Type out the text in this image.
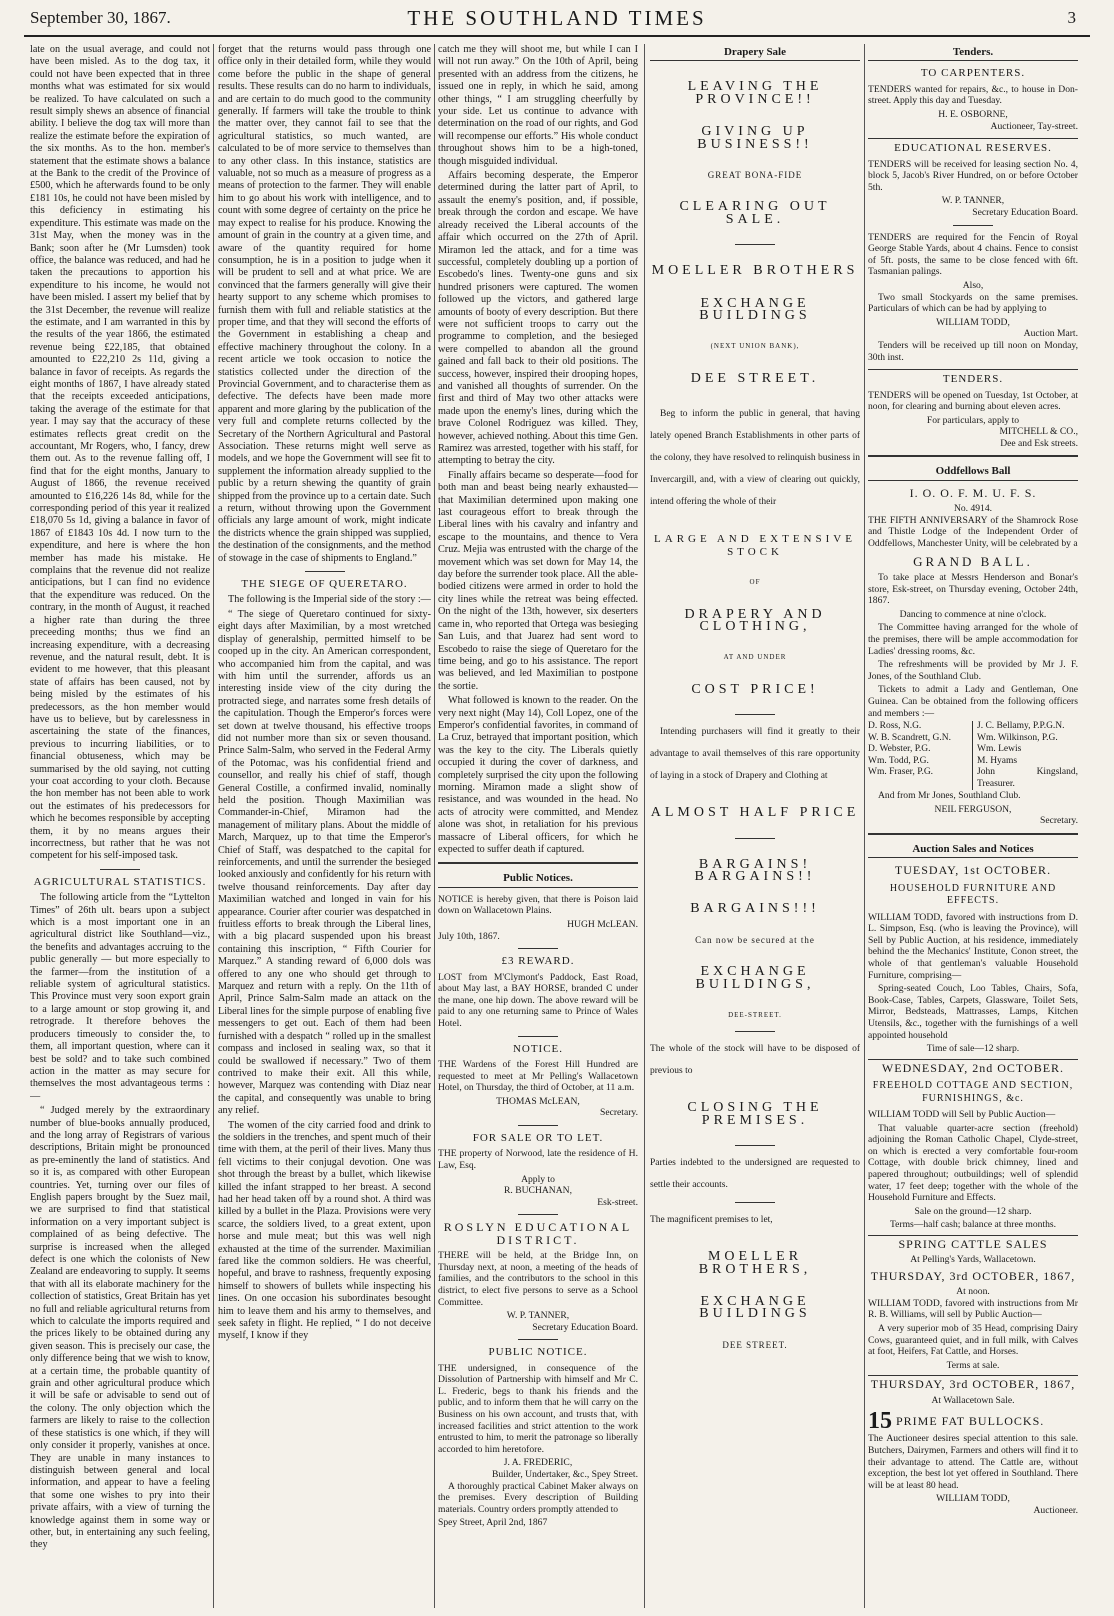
September 30, 1867.	THE SOUTHLAND TIMES	3

late on the usual average, and could not have been misled. As to the dog tax, it could not have been expected that in three months what was estimated for six would be realized. To have calculated on such a result simply shews an absence of financial ability. I believe the dog tax will more than realize the estimate before the expiration of the six months. As to the hon. member's statement that the estimate shows a balance at the Bank to the credit of the Province of £500, which he afterwards found to be only £181 10s, he could not have been misled by this deficiency in estimating his expenditure. This estimate was made on the 31st May, when the money was in the Bank; soon after he (Mr Lumsden) took office, the balance was reduced, and had he taken the precautions to apportion his expenditure to his income, he would not have been misled. I assert my belief that by the 31st December, the revenue will realize the estimate, and I am warranted in this by the results of the year 1866, the estimated revenue being £22,185, that obtained amounted to £22,210 2s 11d, giving a balance in favor of receipts. As regards the eight months of 1867, I have already stated that the receipts exceeded anticipations, taking the average of the estimate for that year. I may say that the accuracy of these estimates reflects great credit on the accountant, Mr Rogers, who, I fancy, drew them out. As to the revenue falling off, I find that for the eight months, January to August of 1866, the revenue received amounted to £16,226 14s 8d, while for the corresponding period of this year it realized £18,070 5s 1d, giving a balance in favor of 1867 of £1843 10s 4d. I now turn to the expenditure, and here is where the hon member has made his mistake. He complains that the revenue did not realize anticipations, but I can find no evidence that the expenditure was reduced. On the contrary, in the month of August, it reached a higher rate than during the three preceeding months; thus we find an increasing expenditure, with a decreasing revenue, and the natural result, debt. It is evident to me however, that this pleasant state of affairs has been caused, not by being misled by the estimates of his predecessors, as the hon member would have us to believe, but by carelessness in ascertaining the state of the finances, previous to incurring liabilities, or to financial obtuseness, which may be summarised by the old saying, not cutting your coat according to your cloth. Because the hon member has not been able to work out the estimates of his predecessors for which he becomes responsible by accepting them, it by no means argues their incorrectness, but rather that he was not competent for his self-imposed task.

AGRICULTURAL STATISTICS.

The following article from the “Lyttelton Times” of 26th ult. bears upon a subject which is a most important one in an agricultural district like Southland—viz., the benefits and advantages accruing to the public generally — but more especially to the farmer—from the institution of a reliable system of agricultural statistics. This Province must very soon export grain to a large amount or stop growing it, and retrograde. It therefore behoves the producers timeously to consider the, to them, all important question, where can it best be sold? and to take such combined action in the matter as may secure for themselves the most advantageous terms :—

“ Judged merely by the extraordinary number of blue-books annually produced, and the long array of Registrars of various descriptions, Britain might be pronounced as pre-eminently the land of statistics. And so it is, as compared with other European countries. Yet, turning over our files of English papers brought by the Suez mail, we are surprised to find that statistical information on a very important subject is complained of as being defective. The surprise is increased when the alleged defect is one which the colonists of New Zealand are endeavoring to supply. It seems that with all its elaborate machinery for the collection of statistics, Great Britain has yet no full and reliable agricultural returns from which to calculate the imports required and the prices likely to be obtained during any given season. This is precisely our case, the only difference being that we wish to know, at a certain time, the probable quantity of grain and other agricultural produce which it will be safe or advisable to send out of the colony. The only objection which the farmers are likely to raise to the collection of these statistics is one which, if they will only consider it properly, vanishes at once. They are unable in many instances to distinguish between general and local information, and appear to have a feeling that some one wishes to pry into their private affairs, with a view of turning the knowledge against them in some way or other, but, in entertaining any such feeling, they

forget that the returns would pass through one office only in their detailed form, while they would come before the public in the shape of general results. These results can do no harm to individuals, and are certain to do much good to the community generally. If farmers will take the trouble to think the matter over, they cannot fail to see that the agricultural statistics, so much wanted, are calculated to be of more service to themselves than to any other class. In this instance, statistics are valuable, not so much as a measure of progress as a means of protection to the farmer. They will enable him to go about his work with intelligence, and to count with some degree of certainty on the price he may expect to realise for his produce. Knowing the amount of grain in the country at a given time, and aware of the quantity required for home consumption, he is in a position to judge when it will be prudent to sell and at what price. We are convinced that the farmers generally will give their hearty support to any scheme which promises to furnish them with full and reliable statistics at the proper time, and that they will second the efforts of the Government in establishing a cheap and effective machinery throughout the colony. In a recent article we took occasion to notice the statistics collected under the direction of the Provincial Government, and to characterise them as defective. The defects have been made more apparent and more glaring by the publication of the very full and complete returns collected by the Secretary of the Northern Agricultural and Pastoral Association. These returns might well serve as models, and we hope the Government will see fit to supplement the information already supplied to the public by a return shewing the quantity of grain shipped from the province up to a certain date. Such a return, without throwing upon the Government officials any large amount of work, might indicate the districts whence the grain shipped was supplied, the destination of the consignments, and the method of stowage in the case of shipments to England.”

THE SIEGE OF QUERETARO.

The following is the Imperial side of the story :—

“ The siege of Queretaro continued for sixty-eight days after Maximilian, by a most wretched display of generalship, permitted himself to be cooped up in the city. An American correspondent, who accompanied him from the capital, and was with him until the surrender, affords us an interesting inside view of the city during the protracted siege, and narrates some fresh details of the capitulation. Though the Emperor's forces were set down at twelve thousand, his effective troops did not number more than six or seven thousand. Prince Salm-Salm, who served in the Federal Army of the Potomac, was his confidential friend and counsellor, and really his chief of staff, though General Costille, a confirmed invalid, nominally held the position. Though Maximilian was Commander-in-Chief, Miramon had the management of military plans. About the middle of March, Marquez, up to that time the Emperor's Chief of Staff, was despatched to the capital for reinforcements, and until the surrender the besieged looked anxiously and confidently for his return with twelve thousand reinforcements. Day after day Maximilian watched and longed in vain for his appearance. Courier after courier was despatched in fruitless efforts to break through the Liberal lines, with a big placard suspended upon his breast containing this inscription, “ Fifth Courier for Marquez.” A standing reward of 6,000 dols was offered to any one who should get through to Marquez and return with a reply. On the 11th of April, Prince Salm-Salm made an attack on the Liberal lines for the simple purpose of enabling five messengers to get out. Each of them had been furnished with a despatch “ rolled up in the smallest compass and inclosed in sealing wax, so that it could be swallowed if necessary.” Two of them contrived to make their exit. All this while, however, Marquez was contending with Diaz near the capital, and consequently was unable to bring any relief.

The women of the city carried food and drink to the soldiers in the trenches, and spent much of their time with them, at the peril of their lives. Many thus fell victims to their conjugal devotion. One was shot through the breast by a bullet, which likewise killed the infant strapped to her breast. A second had her head taken off by a round shot. A third was killed by a bullet in the Plaza. Provisions were very scarce, the soldiers lived, to a great extent, upon horse and mule meat; but this was well nigh exhausted at the time of the surrender. Maximilian fared like the common soldiers. He was cheerful, hopeful, and brave to rashness, frequently exposing himself to showers of bullets while inspecting his lines. On one occasion his subordinates besought him to leave them and his army to themselves, and seek safety in flight. He replied, “ I do not deceive myself, I know if they

catch me they will shoot me, but while I can I will not run away.” On the 10th of April, being presented with an address from the citizens, he issued one in reply, in which he said, among other things, “ I am struggling cheerfully by your side. Let us continue to advance with determination on the road of our rights, and God will recompense our efforts.” His whole conduct throughout shows him to be a high-toned, though misguided individual.

Affairs becoming desperate, the Emperor determined during the latter part of April, to assault the enemy's position, and, if possible, break through the cordon and escape. We have already received the Liberal accounts of the affair which occurred on the 27th of April. Miramon led the attack, and for a time was successful, completely doubling up a portion of Escobedo's lines. Twenty-one guns and six hundred prisoners were captured. The women followed up the victors, and gathered large amounts of booty of every description. But there were not sufficient troops to carry out the programme to completion, and the besieged were compelled to abandon all the ground gained and fall back to their old positions. The success, however, inspired their drooping hopes, and vanished all thoughts of surrender. On the first and third of May two other attacks were made upon the enemy's lines, during which the brave Colonel Rodriguez was killed. They, however, achieved nothing. About this time Gen. Ramirez was arrested, together with his staff, for attempting to betray the city.

Finally affairs became so desperate—food for both man and beast being nearly exhausted—that Maximilian determined upon making one last courageous effort to break through the Liberal lines with his cavalry and infantry and escape to the mountains, and thence to Vera Cruz. Mejia was entrusted with the charge of the movement which was set down for May 14, the day before the surrender took place. All the able-bodied citizens were armed in order to hold the city lines while the retreat was being effected. On the night of the 13th, however, six deserters came in, who reported that Ortega was besieging San Luis, and that Juarez had sent word to Escobedo to raise the siege of Queretaro for the time being, and go to his assistance. The report was believed, and led Maximilian to postpone the sortie.

What followed is known to the reader. On the very next night (May 14), Coll Lopez, one of the Emperor's confidential favorites, in command of La Cruz, betrayed that important position, which was the key to the city. The Liberals quietly occupied it during the cover of darkness, and completely surprised the city upon the following morning. Miramon made a slight show of resistance, and was wounded in the head. No acts of atrocity were committed, and Mendez alone was shot, in retaliation for his previous massacre of Liberal officers, for which he expected to suffer death if captured.

Public Notices.

NOTICE is hereby given, that there is Poison laid down on Wallacetown Plains.

HUGH McLEAN.
July 10th, 1867.
£3 REWARD.

LOST from M'Clymont's Paddock, East Road, about May last, a BAY HORSE, branded C under the mane, one hip down. The above reward will be paid to any one returning same to Prince of Wales Hotel.

NOTICE.

THE Wardens of the Forest Hill Hundred are requested to meet at Mr Pelling's Wallacetown Hotel, on Thursday, the third of October, at 11 a.m.

THOMAS McLEAN,
Secretary.
FOR SALE OR TO LET.

THE property of Norwood, late the residence of H. Law, Esq.

Apply to
R. BUCHANAN,
Esk-street.
ROSLYN EDUCATIONAL DISTRICT.

THERE will be held, at the Bridge Inn, on Thursday next, at noon, a meeting of the heads of families, and the contributors to the school in this district, to elect five persons to serve as a School Committee.

W. P. TANNER,
Secretary Education Board.
PUBLIC NOTICE.

THE undersigned, in consequence of the Dissolution of Partnership with himself and Mr C. L. Frederic, begs to thank his friends and the public, and to inform them that he will carry on the Business on his own account, and trusts that, with increased facilities and strict attention to the work entrusted to him, to merit the patronage so liberally accorded to him heretofore.

J. A. FREDERIC,
Builder, Undertaker, &c., Spey Street.

A thoroughly practical Cabinet Maker always on the premises. Every description of Building materials. Country orders promptly attended to

Spey Street, April 2nd, 1867
Drapery Sale
LEAVING THE PROVINCE!!
GIVING UP BUSINESS!!
GREAT BONA-FIDE
CLEARING OUT SALE.
MOELLER BROTHERS
EXCHANGE BUILDINGS
(NEXT UNION BANK),
DEE STREET.

Beg to inform the public in general, that having lately opened Branch Establishments in other parts of the colony, they have resolved to relinquish business in Invercargill, and, with a view of clearing out quickly, intend offering the whole of their

LARGE AND EXTENSIVE STOCK
OF
DRAPERY AND CLOTHING,
AT AND UNDER
COST PRICE!

Intending purchasers will find it greatly to their advantage to avail themselves of this rare opportunity of laying in a stock of Drapery and Clothing at

ALMOST HALF PRICE
BARGAINS! BARGAINS!!
BARGAINS!!!
Can now be secured at the
EXCHANGE BUILDINGS,
DEE-STREET.

The whole of the stock will have to be disposed of previous to

CLOSING THE PREMISES.

Parties indebted to the undersigned are requested to settle their accounts.

The magnificent premises to let,

MOELLER BROTHERS,
EXCHANGE BUILDINGS
DEE STREET.
Tenders.
TO CARPENTERS.

TENDERS wanted for repairs, &c., to house in Don-street. Apply this day and Tuesday.

H. E. OSBORNE,
Auctioneer, Tay-street.
EDUCATIONAL RESERVES.

TENDERS will be received for leasing section No. 4, block 5, Jacob's River Hundred, on or before October 5th.

W. P. TANNER,
Secretary Education Board.

TENDERS are required for the Fencin of Royal George Stable Yards, about 4 chains. Fence to consist of 5ft. posts, the same to be close fenced with 6ft. Tasmanian palings.

Also,

Two small Stockyards on the same premises. Particulars of which can be had by applying to

WILLIAM TODD,
Auction Mart.

Tenders will be received up till noon on Monday, 30th inst.

TENDERS.

TENDERS will be opened on Tuesday, 1st October, at noon, for clearing and burning about eleven acres.

For particulars, apply to
MITCHELL & CO.,
Dee and Esk streets.
Oddfellows Ball
I. O. O. F. M. U. F. S.
No. 4914.

THE FIFTH ANNIVERSARY of the Shamrock Rose and Thistle Lodge of the Independent Order of Oddfellows, Manchester Unity, will be celebrated by a

GRAND BALL.

To take place at Messrs Henderson and Bonar's store, Esk-street, on Thursday evening, October 24th, 1867.

Dancing to commence at nine o'clock.

The Committee having arranged for the whole of the premises, there will be ample accommodation for Ladies' dressing rooms, &c.

The refreshments will be provided by Mr J. F. Jones, of the Southland Club.

Tickets to admit a Lady and Gentleman, One Guinea. Can be obtained from the following officers and members :—

D. Ross, N.G.
W. B. Scandrett, G.N.
D. Webster, P.G.
Wm. Todd, P.G.
Wm. Fraser, P.G.
J. C. Bellamy, P.P.G.N.
Wm. Wilkinson, P.G.
Wm. Lewis
M. Hyams
John Kingsland, Treasurer.

And from Mr Jones, Southland Club.

NEIL FERGUSON,
Secretary.
Auction Sales and Notices
TUESDAY, 1st OCTOBER.
HOUSEHOLD FURNITURE AND EFFECTS.

WILLIAM TODD, favored with instructions from D. L. Simpson, Esq. (who is leaving the Province), will Sell by Public Auction, at his residence, immediately behind the the Mechanics' Institute, Conon street, the whole of that gentleman's valuable Household Furniture, comprising—

Spring-seated Couch, Loo Tables, Chairs, Sofa, Book-Case, Tables, Carpets, Glassware, Toilet Sets, Mirror, Bedsteads, Mattrasses, Lamps, Kitchen Utensils, &c., together with the furnishings of a well appointed household

Time of sale—12 sharp.

WEDNESDAY, 2nd OCTOBER.
FREEHOLD COTTAGE AND SECTION, FURNISHINGS, &c.

WILLIAM TODD will Sell by Public Auction—

That valuable quarter-acre section (freehold) adjoining the Roman Catholic Chapel, Clyde-street, on which is erected a very comfortable four-room Cottage, with double brick chimney, lined and papered throughout; outbuildings; well of splendid water, 17 feet deep; together with the whole of the Household Furniture and Effects.

Sale on the ground—12 sharp.

Terms—half cash; balance at three months.

SPRING CATTLE SALES
At Pelling's Yards, Wallacetown.
THURSDAY, 3rd OCTOBER, 1867,
At noon.

WILLIAM TODD, favored with instructions from Mr R. B. Williams, will sell by Public Auction—

A very superior mob of 35 Head, comprising Dairy Cows, guaranteed quiet, and in full milk, with Calves at foot, Heifers, Fat Cattle, and Horses.

Terms at sale.

THURSDAY, 3rd OCTOBER, 1867,
At Wallacetown Sale.
15 PRIME FAT BULLOCKS.

The Auctioneer desires special attention to this sale. Butchers, Dairymen, Farmers and others will find it to their advantage to attend. The Cattle are, without exception, the best lot yet offered in Southland. There will be at least 80 head.

WILLIAM TODD,
Auctioneer.
